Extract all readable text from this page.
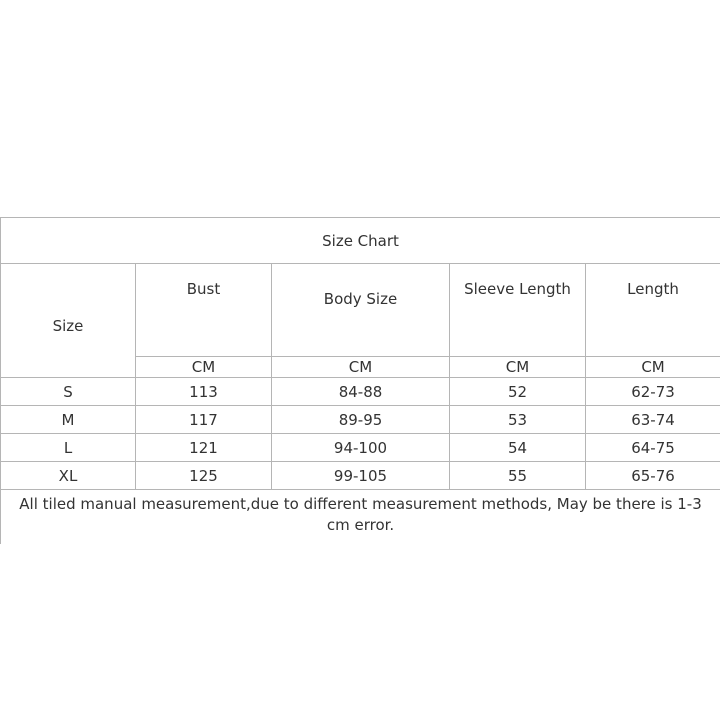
Size Chart				
Size	Bust	Body Size	Sleeve Length	Length
	CM	CM	CM	CM
S	113	84-88	52	62-73
M	117	89-95	53	63-74
L	121	94-100	54	64-75
XL	125	99-105	55	65-76
All tiled manual measurement,due to different measurement methods, May be there is 1-3 cm error.				
